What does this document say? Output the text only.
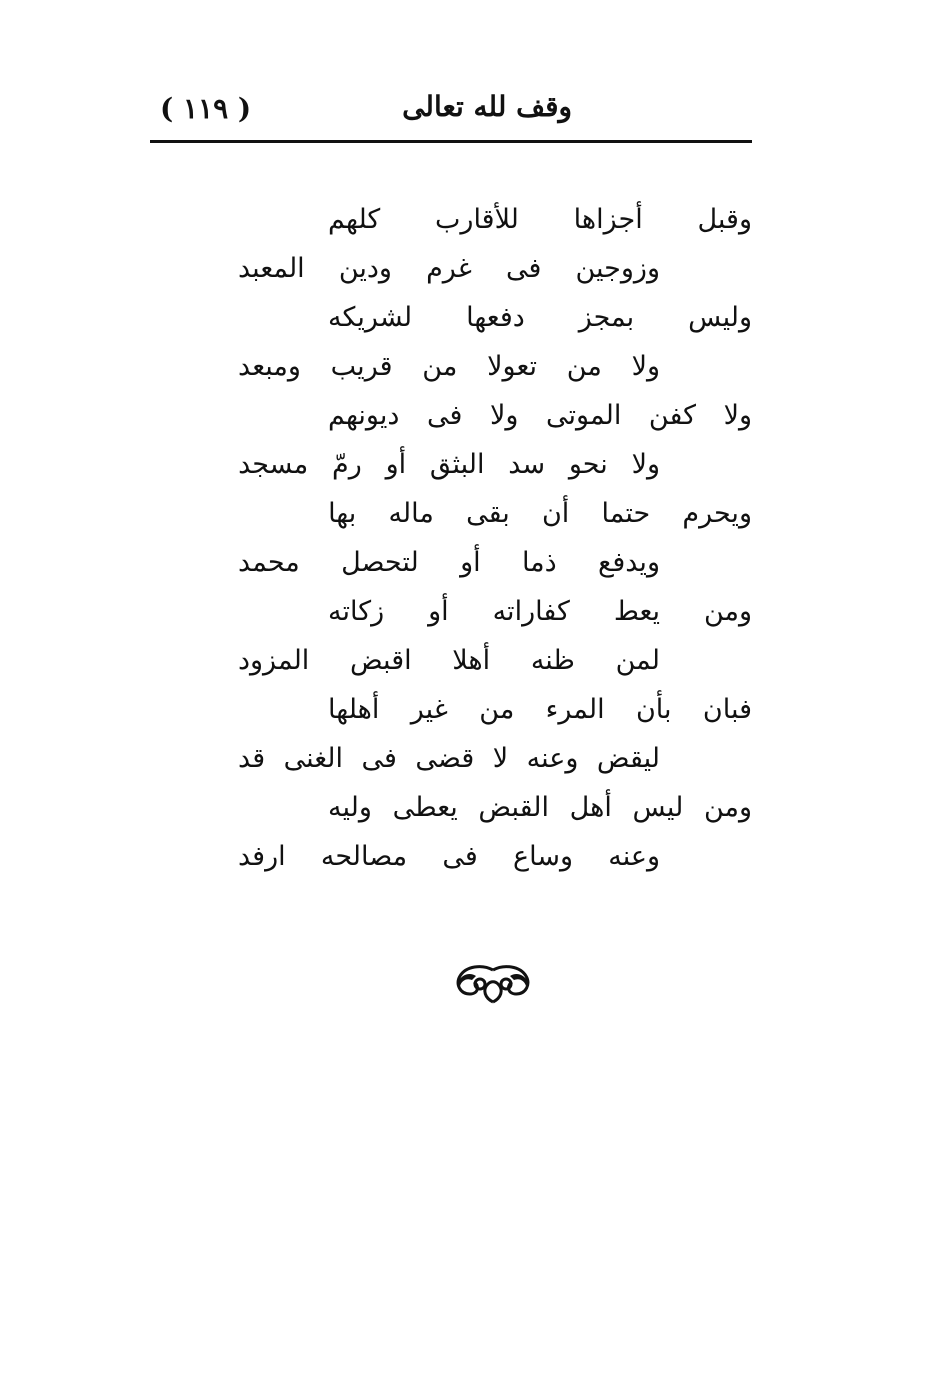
( ١١٩ )	وقف لله تعالى
وقبل
أجزاها
للأقارب
كلهم
وزوجين
فى
غرم
ودين
المعبد
وليس
بمجز
دفعها
لشريكه
ولا
من
تعولا
من
قريب
ومبعد
ولا
كفن
الموتى
ولا
فى
ديونهم
ولا
نحو
سد
البثق
أو
رمّ
مسجد
ويحرم
حتما
أن
بقى
ماله
بها
ويدفع
ذما
أو
لتحصل
محمد
ومن
يعط
كفاراته
أو
زكاته
لمن
ظنه
أهلا
اقبض
المزود
فبان
بأن
المرء
من
غير
أهلها
ليقض
وعنه
لا
قضى
فى
الغنى
قد
ومن
ليس
أهل
القبض
يعطى
وليه
وعنه
وساع
فى
مصالحه
ارفد
